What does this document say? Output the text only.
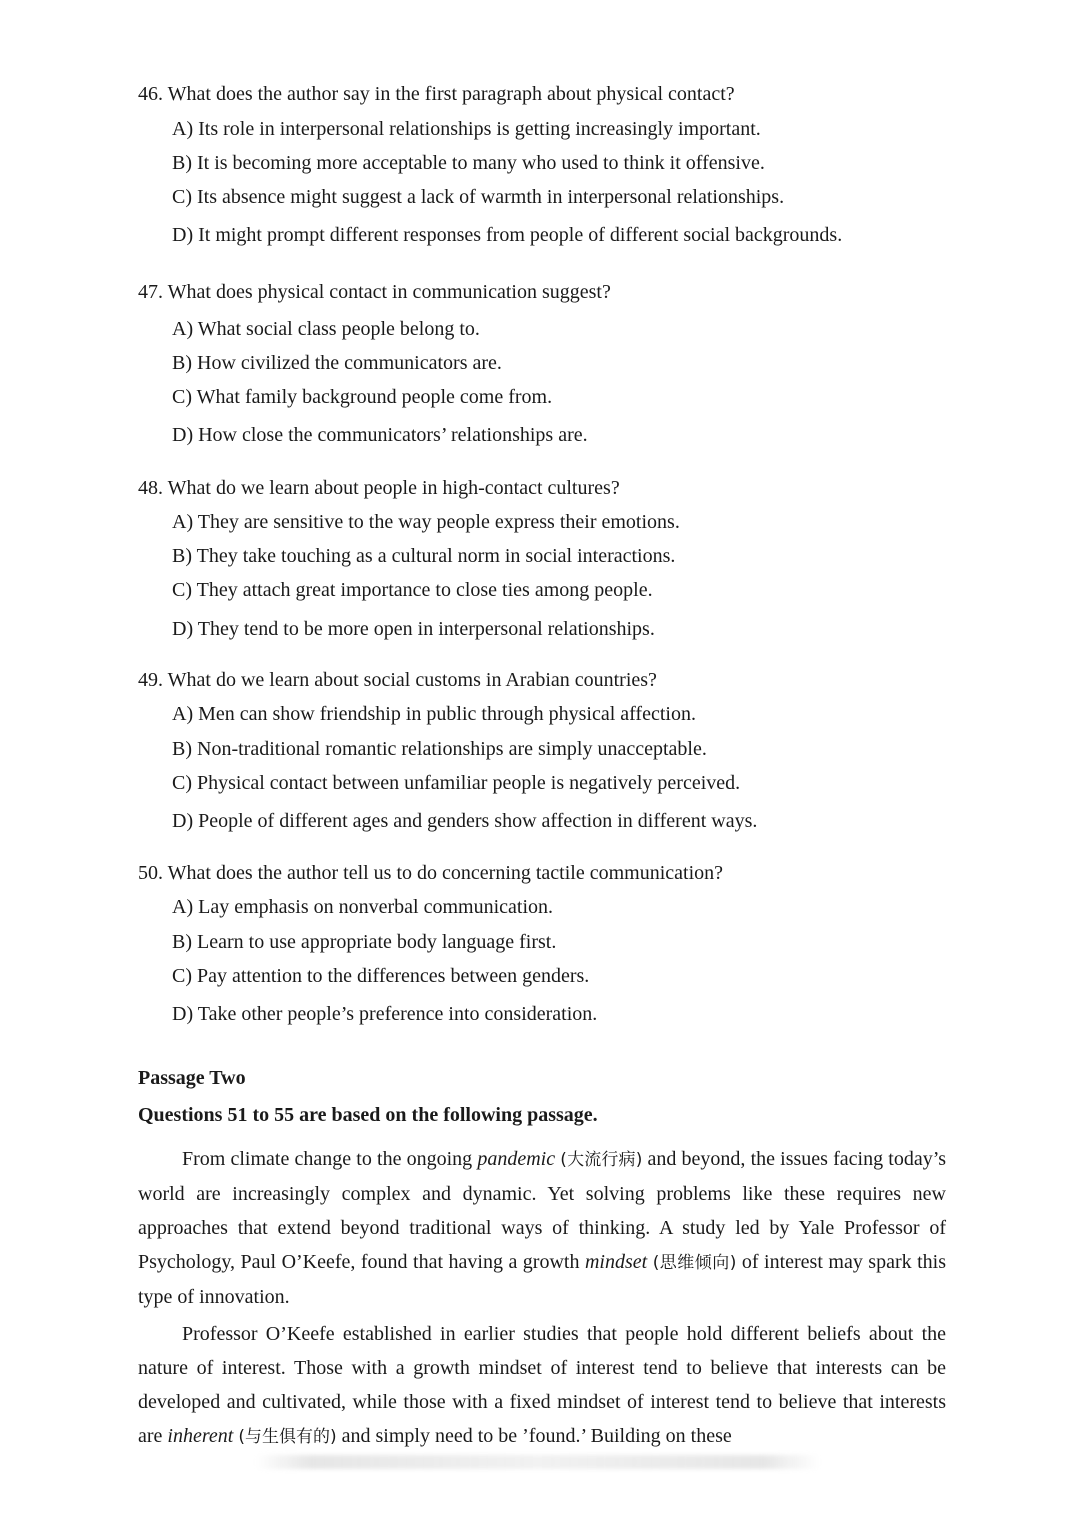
46. What does the author say in the first paragraph about physical contact?
A) Its role in interpersonal relationships is getting increasingly important.
B) It is becoming more acceptable to many who used to think it offensive.
C) Its absence might suggest a lack of warmth in interpersonal relationships.
D) It might prompt different responses from people of different social backgrounds.
47. What does physical contact in communication suggest?
A) What social class people belong to.
B) How civilized the communicators are.
C) What family background people come from.
D) How close the communicators’ relationships are.
48. What do we learn about people in high-contact cultures?
A) They are sensitive to the way people express their emotions.
B) They take touching as a cultural norm in social interactions.
C) They attach great importance to close ties among people.
D) They tend to be more open in interpersonal relationships.
49. What do we learn about social customs in Arabian countries?
A) Men can show friendship in public through physical affection.
B) Non-traditional romantic relationships are simply unacceptable.
C) Physical contact between unfamiliar people is negatively perceived.
D) People of different ages and genders show affection in different ways.
50. What does the author tell us to do concerning tactile communication?
A) Lay emphasis on nonverbal communication.
B) Learn to use appropriate body language first.
C) Pay attention to the differences between genders.
D) Take other people’s preference into consideration.
Passage Two
Questions 51 to 55 are based on the following passage.
From climate change to the ongoing pandemic (大流行病) and beyond, the issues facing today’s world are increasingly complex and dynamic. Yet solving problems like these requires new approaches that extend beyond traditional ways of thinking. A study led by Yale Professor of Psychology, Paul O’Keefe, found that having a growth mindset (思维倾向) of interest may spark this type of innovation.
Professor O’Keefe established in earlier studies that people hold different beliefs about the nature of interest. Those with a growth mindset of interest tend to believe that interests can be developed and cultivated, while those with a fixed mindset of interest tend to believe that interests are inherent (与生俱有的) and simply need to be ’found.’ Building on these
